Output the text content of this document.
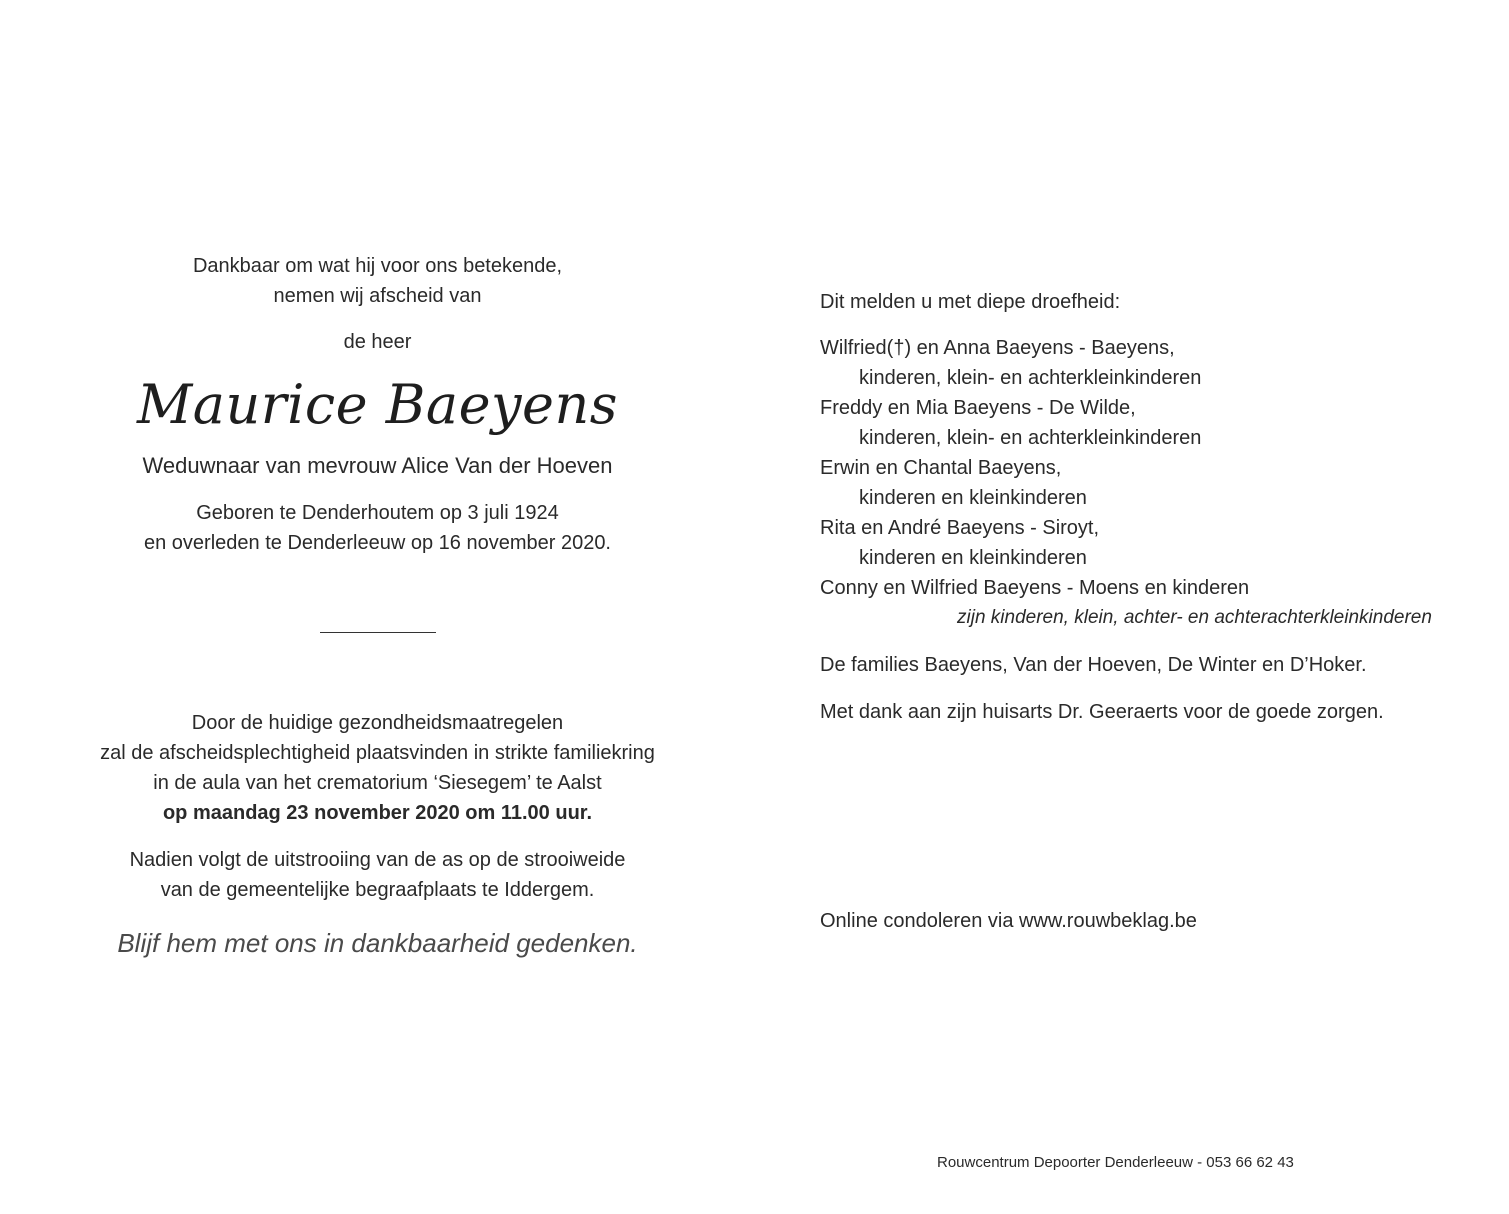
Dankbaar om wat hij voor ons betekende,
nemen wij afscheid van
de heer
Maurice Baeyens
Weduwnaar van mevrouw Alice Van der Hoeven
Geboren te Denderhoutem op 3 juli 1924
en overleden te Denderleeuw op 16 november 2020.
Door de huidige gezondheidsmaatregelen
zal de afscheidsplechtigheid plaatsvinden in strikte familiekring
in de aula van het crematorium ‘Siesegem’ te Aalst
op maandag 23 november 2020 om 11.00 uur.
Nadien volgt de uitstrooiing van de as op de strooiweide
van de gemeentelijke begraafplaats te Iddergem.
Blijf hem met ons in dankbaarheid gedenken.
Dit melden u met diepe droefheid:
Wilfried(†) en Anna Baeyens - Baeyens,
kinderen, klein- en achterkleinkinderen
Freddy en Mia Baeyens - De Wilde,
kinderen, klein- en achterkleinkinderen
Erwin en Chantal Baeyens,
kinderen en kleinkinderen
Rita en André Baeyens - Siroyt,
kinderen en kleinkinderen
Conny en Wilfried Baeyens - Moens en kinderen
zijn kinderen, klein, achter- en achterachterkleinkinderen
De families Baeyens, Van der Hoeven, De Winter en D’Hoker.
Met dank aan zijn huisarts Dr. Geeraerts voor de goede zorgen.
Online condoleren via www.rouwbeklag.be
Rouwcentrum Depoorter Denderleeuw - 053 66 62 43
